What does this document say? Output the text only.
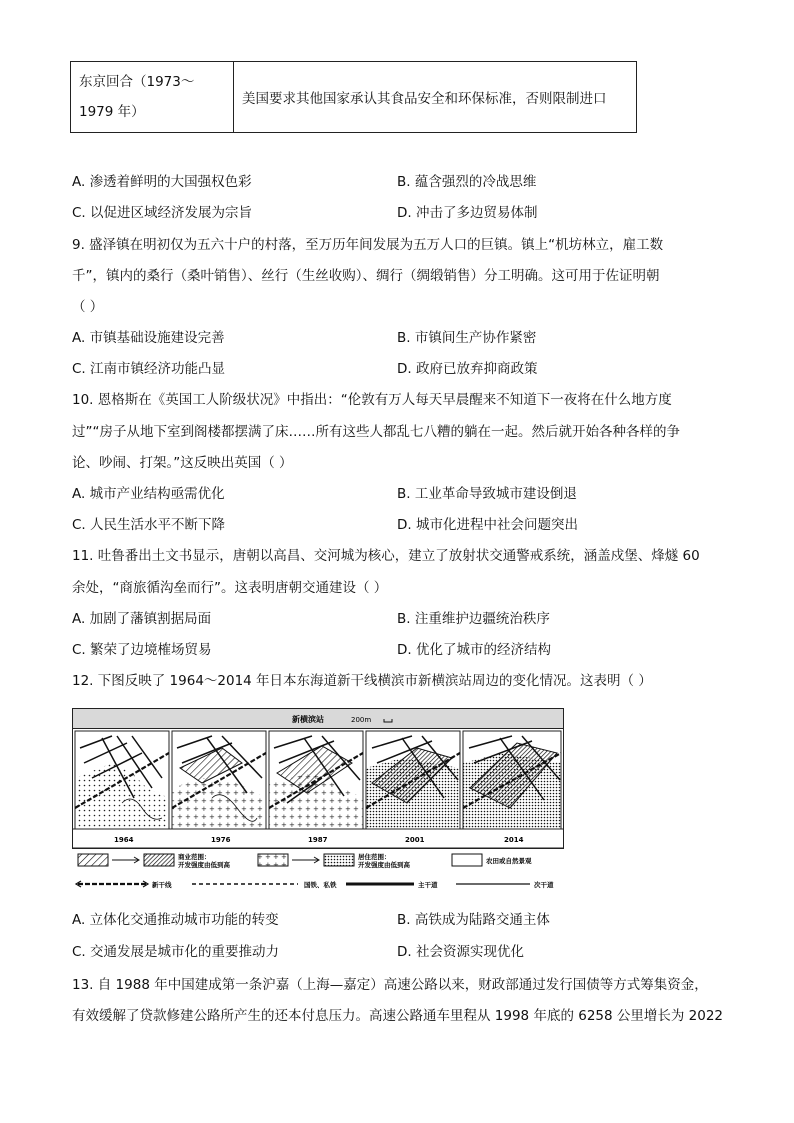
东京回合（1973～
1979 年）
	美国要求其他国家承认其食品安全和环保标准，否则限制进口
A. 渗透着鲜明的大国强权色彩	B. 蕴含强烈的冷战思维
C. 以促进区域经济发展为宗旨	D. 冲击了多边贸易体制
9. 盛泽镇在明初仅为五六十户的村落，至万历年间发展为五万人口的巨镇。镇上“机坊林立，雇工数
千”，镇内的桑行（桑叶销售）、丝行（生丝收购）、绸行（绸缎销售）分工明确。这可用于佐证明朝
（ ）
A. 市镇基础设施建设完善	B. 市镇间生产协作紧密
C. 江南市镇经济功能凸显	D. 政府已放弃抑商政策
10. 恩格斯在《英国工人阶级状况》中指出：“伦敦有万人每天早晨醒来不知道下一夜将在什么地方度
过”“房子从地下室到阁楼都摆满了床……所有这些人都乱七八糟的躺在一起。然后就开始各种各样的争
论、吵闹、打架。”这反映出英国（ ）
A. 城市产业结构亟需优化	B. 工业革命导致城市建设倒退
C. 人民生活水平不断下降	D. 城市化进程中社会问题突出
11. 吐鲁番出土文书显示，唐朝以高昌、交河城为核心，建立了放射状交通警戒系统，涵盖戍堡、烽燧 60
余处，“商旅循沟垒而行”。这表明唐朝交通建设（ ）
A. 加剧了藩镇割据局面	B. 注重维护边疆统治秩序
C. 繁荣了边境榷场贸易	D. 优化了城市的经济结构
12. 下图反映了 1964～2014 年日本东海道新干线横滨市新横滨站周边的变化情况。这表明（ ）
新横滨站	200m
1964	1976	1987	2001	2014
商业范围：
开发强度由低到高
居住范围：
开发强度由低到高	农田或自然景观
新干线	国铁、私铁	主干道	次干道
A. 立体化交通推动城市功能的转变	B. 高铁成为陆路交通主体
C. 交通发展是城市化的重要推动力	D. 社会资源实现优化
13. 自 1988 年中国建成第一条沪嘉（上海—嘉定）高速公路以来，财政部通过发行国债等方式筹集资金，
有效缓解了贷款修建公路所产生的还本付息压力。高速公路通车里程从 1998 年底的 6258 公里增长为 2022
